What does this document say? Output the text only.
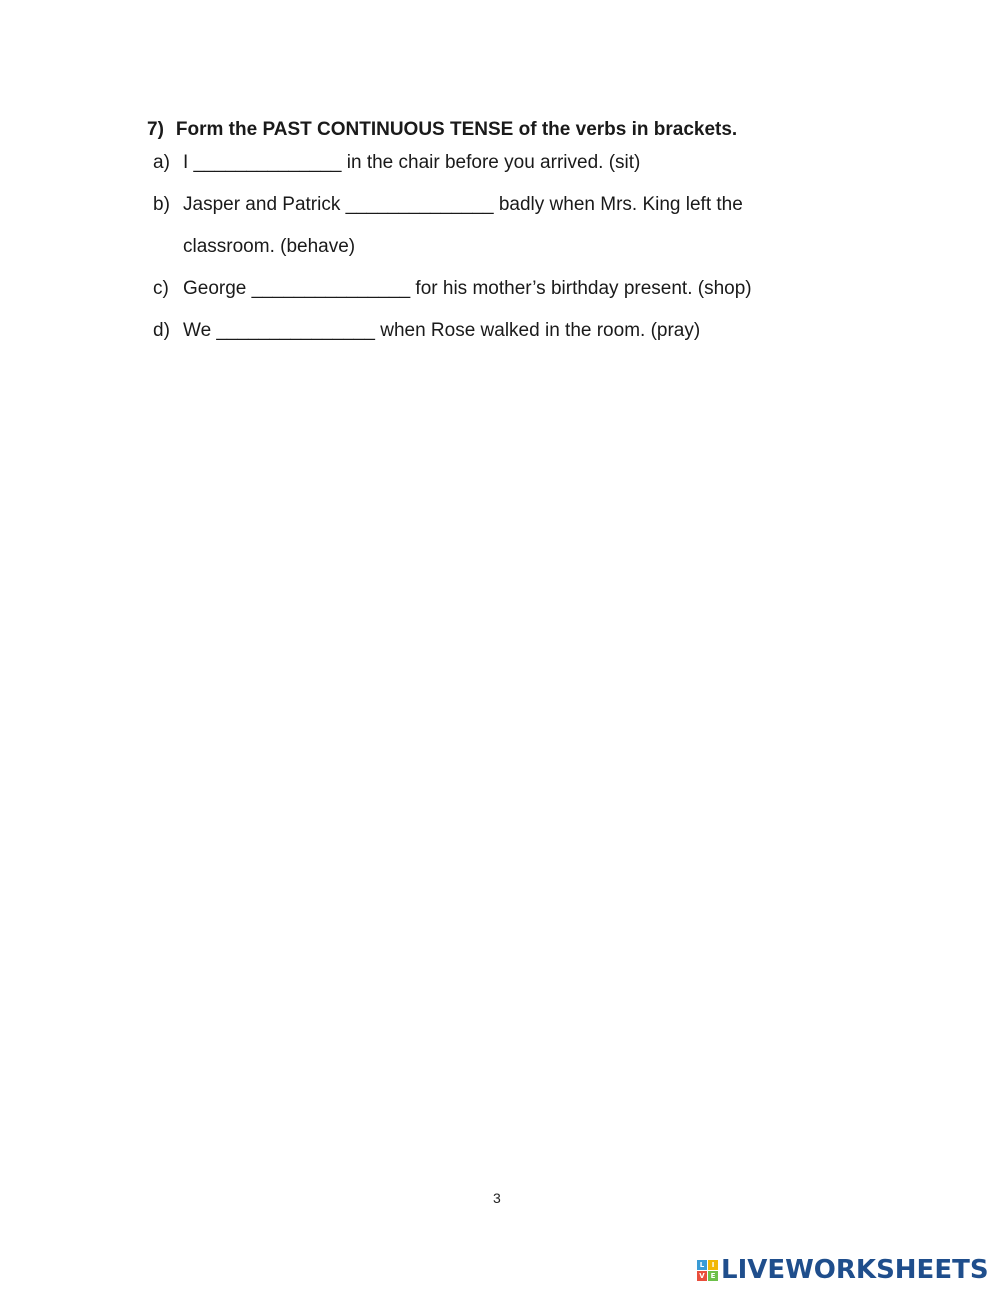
7) Form the PAST CONTINUOUS TENSE of the verbs in brackets.
a) I ______________ in the chair before you arrived. (sit)
b) Jasper and Patrick ______________ badly when Mrs. King left the
classroom. (behave)
c) George _______________ for his mother’s birthday present. (shop)
d) We _______________ when Rose walked in the room. (pray)
3
L	I
V E LIVEWORKSHEETS
